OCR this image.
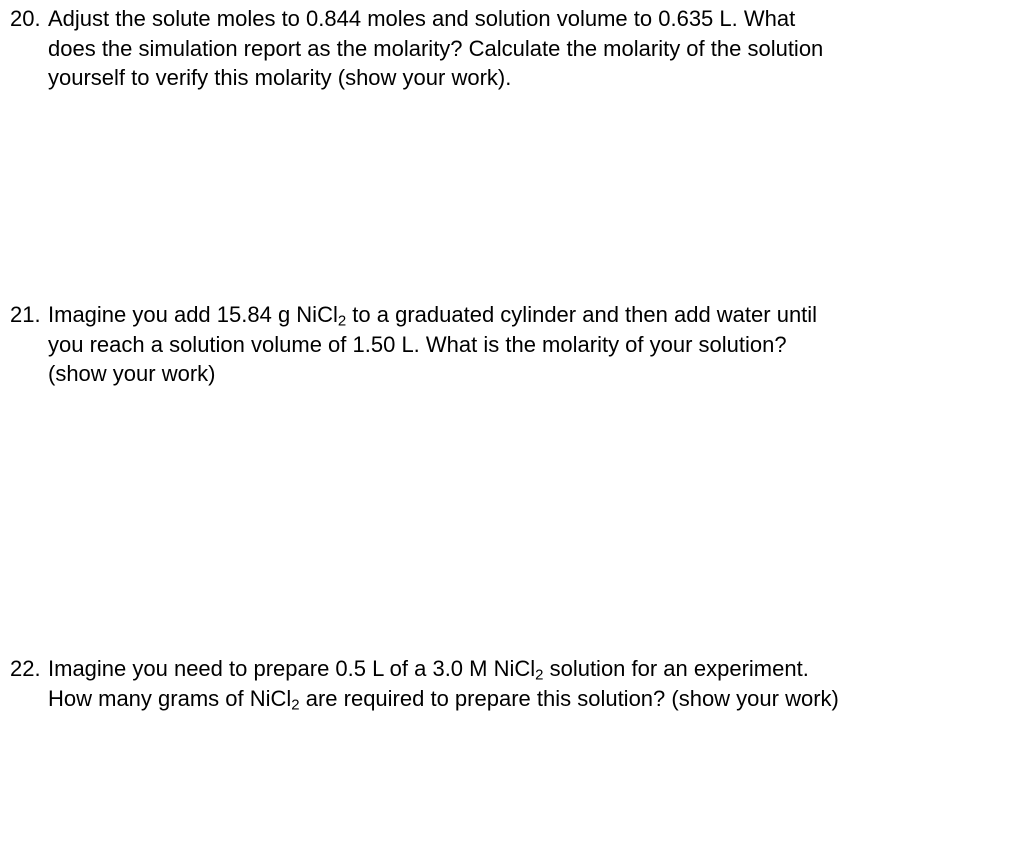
20. Adjust the solute moles to 0.844 moles and solution volume to 0.635 L. What
does the simulation report as the molarity? Calculate the molarity of the solution
yourself to verify this molarity (show your work).
21. Imagine you add 15.84 g NiCl$_2$ to a graduated cylinder and then add water until
you reach a solution volume of 1.50 L. What is the molarity of your solution?
(show your work)
22. Imagine you need to prepare 0.5 L of a 3.0 M NiCl$_2$ solution for an experiment.
How many grams of NiCl$_2$ are required to prepare this solution? (show your work)
